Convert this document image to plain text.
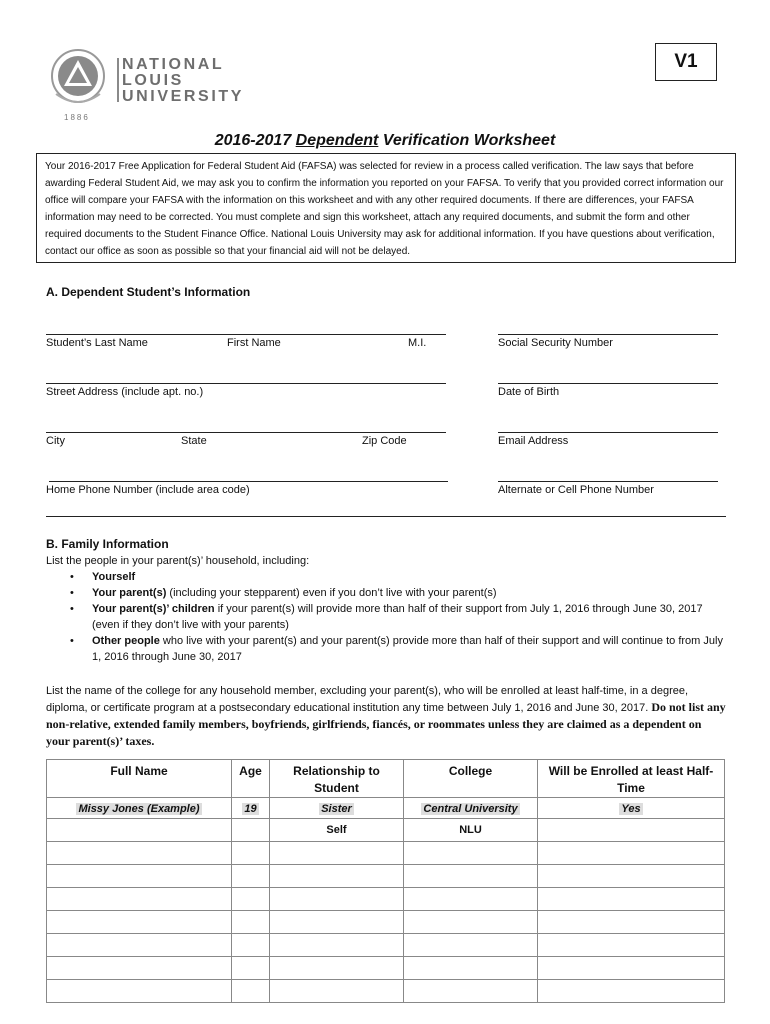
NATIONAL
LOUIS
UNIVERSITY
1886
V1
2016-2017 Dependent Verification Worksheet
Your 2016-2017 Free Application for Federal Student Aid (FAFSA) was selected for review in a process called verification. The law says that before awarding Federal Student Aid, we may ask you to confirm the information you reported on your FAFSA. To verify that you provided correct information our office will compare your FAFSA with the information on this worksheet and with any other required documents. If there are differences, your FAFSA information may need to be corrected. You must complete and sign this worksheet, attach any required documents, and submit the form and other required documents to the Student Finance Office. National Louis University may ask for additional information. If you have questions about verification, contact our office as soon as possible so that your financial aid will not be delayed.
A. Dependent Student’s Information
Student’s Last Name	First Name	M.I.	Social Security Number
Street Address (include apt. no.)	Date of Birth
City	State	Zip Code	Email Address
Home Phone Number (include area code)	Alternate or Cell Phone Number
B. Family Information
List the people in your parent(s)’ household, including:
• Yourself
• Your parent(s) (including your stepparent) even if you don’t live with your parent(s)
• Your parent(s)’ children if your parent(s) will provide more than half of their support from July 1, 2016 through June 30, 2017 (even if they don’t live with your parents)
• Other people who live with your parent(s) and your parent(s) provide more than half of their support and will continue to from July 1, 2016 through June 30, 2017
List the name of the college for any household member, excluding your parent(s), who will be enrolled at least half-time, in a degree, diploma, or certificate program at a postsecondary educational institution any time between July 1, 2016 and June 30, 2017. Do not list any non-relative, extended family members, boyfriends, girlfriends, fiancés, or roommates unless they are claimed as a dependent on your parent(s)’ taxes.
Full Name	Age	Relationship to Student	College	Will be Enrolled at least Half-Time
Missy Jones (Example)	19	Sister	Central University	Yes
		Self	NLU	
